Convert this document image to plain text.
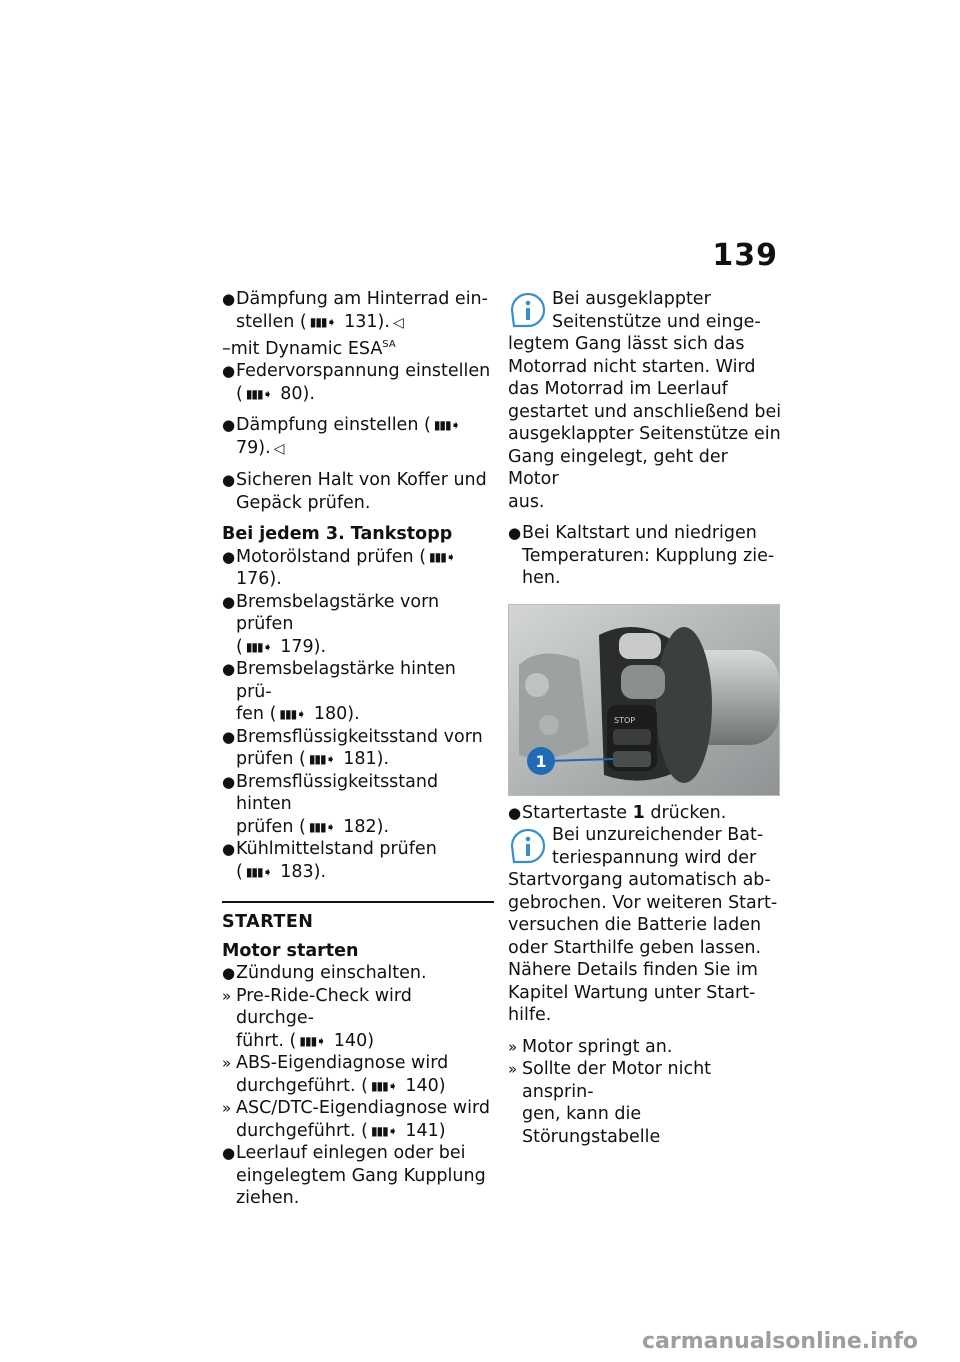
139
● Dämpfung am Hinterrad ein-
stellen ( ▮▮▮➧ 131). ◁
–mit Dynamic $ESA^{SA}$
● Federvorspannung einstellen
( ▮▮▮➧ 80).
● Dämpfung einstellen ( ▮▮▮➧ 79). ◁
● Sicheren Halt von Koffer und
Gepäck prüfen.
Bei jedem 3. Tankstopp
● Motorölstand prüfen ( ▮▮▮➧ 176).
● Bremsbelagstärke vorn prüfen
( ▮▮▮➧ 179).
● Bremsbelagstärke hinten prü-
fen ( ▮▮▮➧ 180).
● Bremsflüssigkeitsstand vorn
prüfen ( ▮▮▮➧ 181).
● Bremsflüssigkeitsstand hinten
prüfen ( ▮▮▮➧ 182).
● Kühlmittelstand prüfen
( ▮▮▮➧ 183).
STARTEN
Motor starten
● Zündung einschalten.
» Pre-Ride-Check wird durchge-
führt. ( ▮▮▮➧ 140)
» ABS-Eigendiagnose wird
durchgeführt. ( ▮▮▮➧ 140)
» ASC/DTC-Eigendiagnose wird
durchgeführt. ( ▮▮▮➧ 141)
● Leerlauf einlegen oder bei
eingelegtem Gang Kupplung
ziehen.
Bei ausgeklappter
Seitenstütze und einge-
legtem Gang lässt sich das
Motorrad nicht starten. Wird
das Motorrad im Leerlauf
gestartet und anschließend bei
ausgeklappter Seitenstütze ein
Gang eingelegt, geht der Motor
aus.
● Bei Kaltstart und niedrigen
Temperaturen: Kupplung zie-
hen.
STOP
1
● Startertaste 1 drücken.
Bei unzureichender Bat-
teriespannung wird der
Startvorgang automatisch ab-
gebrochen. Vor weiteren Start-
versuchen die Batterie laden
oder Starthilfe geben lassen.
Nähere Details finden Sie im
Kapitel Wartung unter Start-
hilfe.
» Motor springt an.
» Sollte der Motor nicht ansprin-
gen, kann die Störungstabelle
carmanualsonline.info
